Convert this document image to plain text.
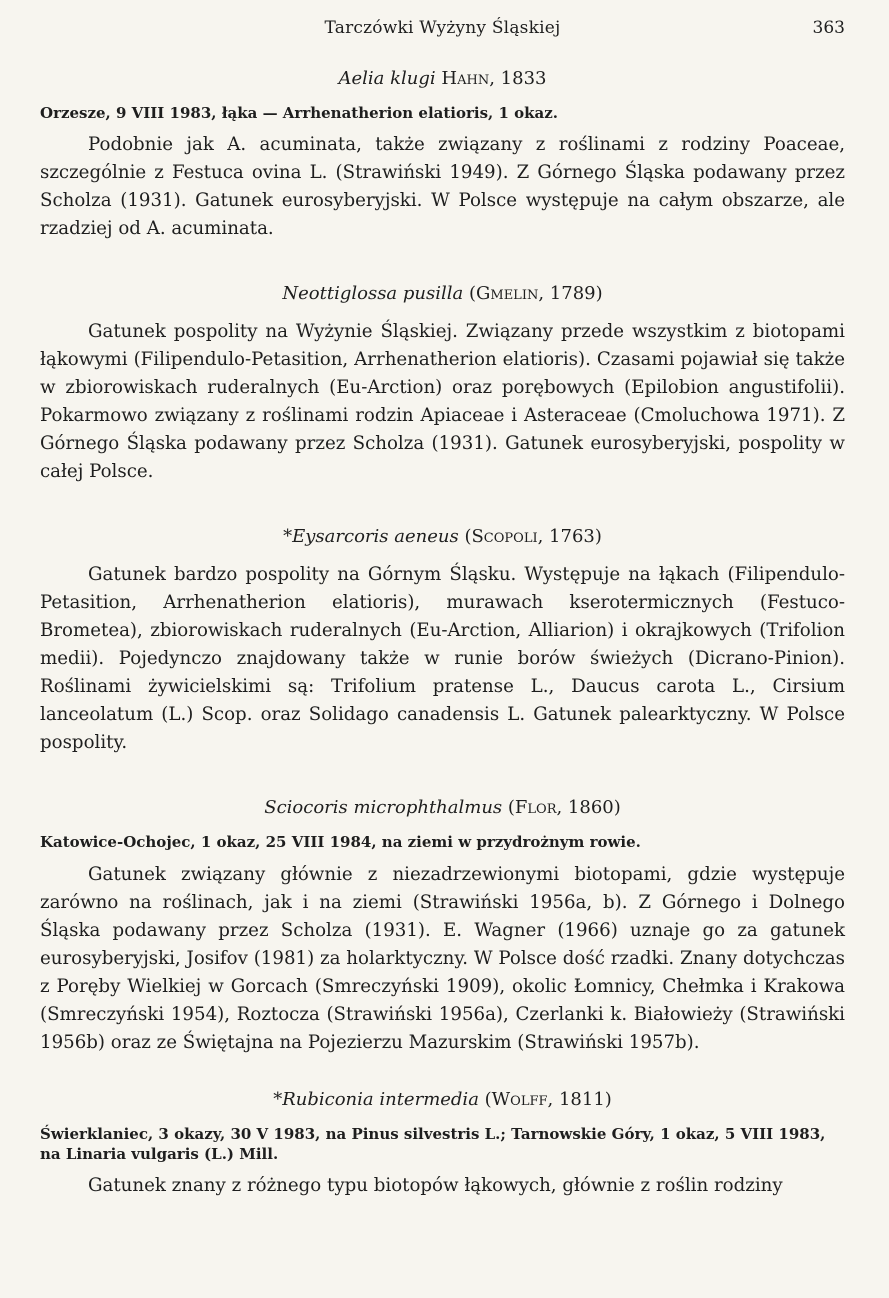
Tarczówki Wyżyny Śląskiej	363
Aelia klugi Hahn, 1833
Orzesze, 9 VIII 1983, łąka — Arrhenatherion elatioris, 1 okaz.

Podobnie jak A. acuminata, także związany z roślinami z rodziny Poaceae, szczególnie z Festuca ovina L. (Strawiński 1949). Z Górnego Śląska podawany przez Scholza (1931). Gatunek eurosyberyjski. W Polsce występuje na całym obszarze, ale rzadziej od A. acuminata.

Neottiglossa pusilla (Gmelin, 1789)

Gatunek pospolity na Wyżynie Śląskiej. Związany przede wszystkim z biotopami łąkowymi (Filipendulo-Petasition, Arrhenatherion elatioris). Czasami pojawiał się także w zbiorowiskach ruderalnych (Eu-Arction) oraz porębowych (Epilobion angustifolii). Pokarmowo związany z roślinami rodzin Apiaceae i Asteraceae (Cmoluchowa 1971). Z Górnego Śląska podawany przez Scholza (1931). Gatunek eurosyberyjski, pospolity w całej Polsce.

*Eysarcoris aeneus (Scopoli, 1763)

Gatunek bardzo pospolity na Górnym Śląsku. Występuje na łąkach (Filipendulo-Petasition, Arrhenatherion elatioris), murawach kserotermicznych (Festuco-Brometea), zbiorowiskach ruderalnych (Eu-Arction, Alliarion) i okrajkowych (Trifolion medii). Pojedynczo znajdowany także w runie borów świeżych (Dicrano-Pinion). Roślinami żywicielskimi są: Trifolium pratense L., Daucus carota L., Cirsium lanceolatum (L.) Scop. oraz Solidago canadensis L. Gatunek palearktyczny. W Polsce pospolity.

Sciocoris microphthalmus (Flor, 1860)
Katowice-Ochojec, 1 okaz, 25 VIII 1984, na ziemi w przydrożnym rowie.

Gatunek związany głównie z niezadrzewionymi biotopami, gdzie występuje zarówno na roślinach, jak i na ziemi (Strawiński 1956a, b). Z Górnego i Dolnego Śląska podawany przez Scholza (1931). E. Wagner (1966) uznaje go za gatunek eurosyberyjski, Josifov (1981) za holarktyczny. W Polsce dość rzadki. Znany dotychczas z Poręby Wielkiej w Gorcach (Smreczyński 1909), okolic Łomnicy, Chełmka i Krakowa (Smreczyński 1954), Roztocza (Strawiński 1956a), Czerlanki k. Białowieży (Strawiński 1956b) oraz ze Świętajna na Pojezierzu Mazurskim (Strawiński 1957b).

*Rubiconia intermedia (Wolff, 1811)
Świerklaniec, 3 okazy, 30 V 1983, na Pinus silvestris L.; Tarnowskie Góry, 1 okaz, 5 VIII 1983, na Linaria vulgaris (L.) Mill.

Gatunek znany z różnego typu biotopów łąkowych, głównie z roślin rodziny
